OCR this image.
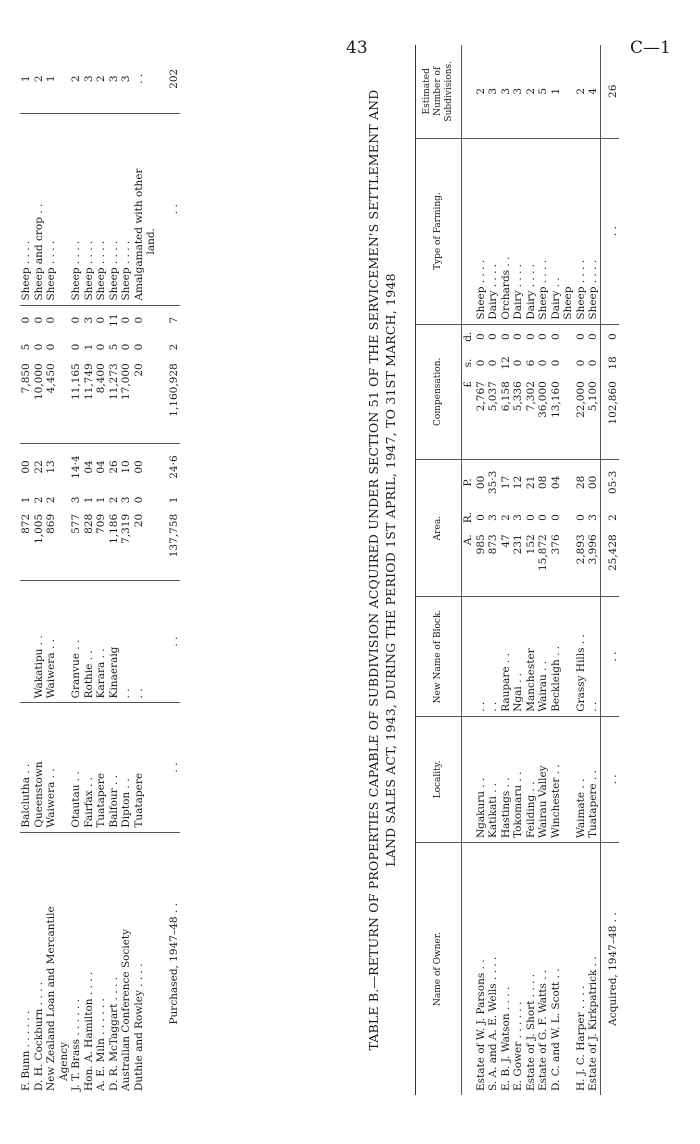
43	C—1
F. Bunn . . . . . .	Balclutha . .		872	1	00	7,850	5	0	Sheep . . . .	1
D. H. Cockburn . . . .	Queenstown	Wakatipu . .	1,005	2	22	10,000	0	0	Sheep and crop . .	2
New Zealand Loan and Mercantile	Waiwera . .	Waiwera . .	869	2	13	4,450	0	0	Sheep . . . .	1
Agency										
J. T. Brass . . . . . .	Otautau . .	Granvue . .	577	3	14·4	11,165	0	0	Sheep . . . .	2
Hon. A. Hamilton . . . .	Fairfax . .	Rothie . .	828	1	04	11,749	1	3	Sheep . . . .	3
A. E. Miln . . . . . .	Tuatapere	Karara . .	709	1	04	8,400	0	0	Sheep . . . .	2
D. R. McTaggart . . . .	Balfour . .	Kinaeraig	1,186	2	26	11,273	5	11	Sheep . . . .	3
Australian Conference Society	Dipton . .	. .	7,319	3	10	17,000	0	0	Sheep . . . .	3
Duthie and Rowley . . . .	Tuatapere	. .	20	0	00	20	0	0	Amalgamated with other	. .
									land.	
Purchased, 1947–48 . .	. .	. .	137,758	1	24·6	1,160,928	2	7	. .	202
TABLE B.—RETURN OF PROPERTIES CAPABLE OF SUBDIVISION ACQUIRED UNDER SECTION 51 OF THE SERVICEMEN'S SETTLEMENT AND LAND SALES ACT, 1943, DURING THE PERIOD 1ST APRIL, 1947, TO 31ST MARCH, 1948
Name of Owner.	Locality.	New Name of Block.	Area.			Compensation.			Type of Farming.	Estimated Number of Subdivisions.
			A.	R.	P.	£	s.	d.		
Estate of W. J. Parsons . .	Ngakuru . .	. .	985	0	00	2,767	0	0	Sheep . . . .	2
S. A. and A. E. Wells . . . .	Katikati . .	. .	873	3	35·3	5,037	0	0	Dairy . . . .	3
E. B. J. Watson . . . .	Hastings . .	Raupare . .	47	2	17	6,158	12	0	Orchards . .	3
E. Gower . . . . . .	Tokomaru . .	Ngai . .	231	3	12	5,336	0	0	Dairy . . . .	3
Estate of J. Short . . . .	Feilding . .	Manchester	152	0	21	7,302	6	0	Dairy . . . .	2
Estate of G. F. Watts . .	Wairau Valley	Wairau . .	15,872	0	08	36,000	0	0	Sheep . . . .	5
D. C. and W. L. Scott . .	Winchester . .	Beckleigh . .	376	0	04	13,160	0	0	Dairy . .	1
									Sheep	
H. J. C. Harper . . . .	Waimate . .	Grassy Hills . .	2,893	0	28	22,000	0	0	Sheep . . . .	2
Estate of J. Kirkpatrick . .	Tuatapere . .	. .	3,996	3	00	5,100	0	0	Sheep . . . .	4
Acquired, 1947–48 . .	. .	. .	25,428	2	05·3	102,860	18	0	. .	26
